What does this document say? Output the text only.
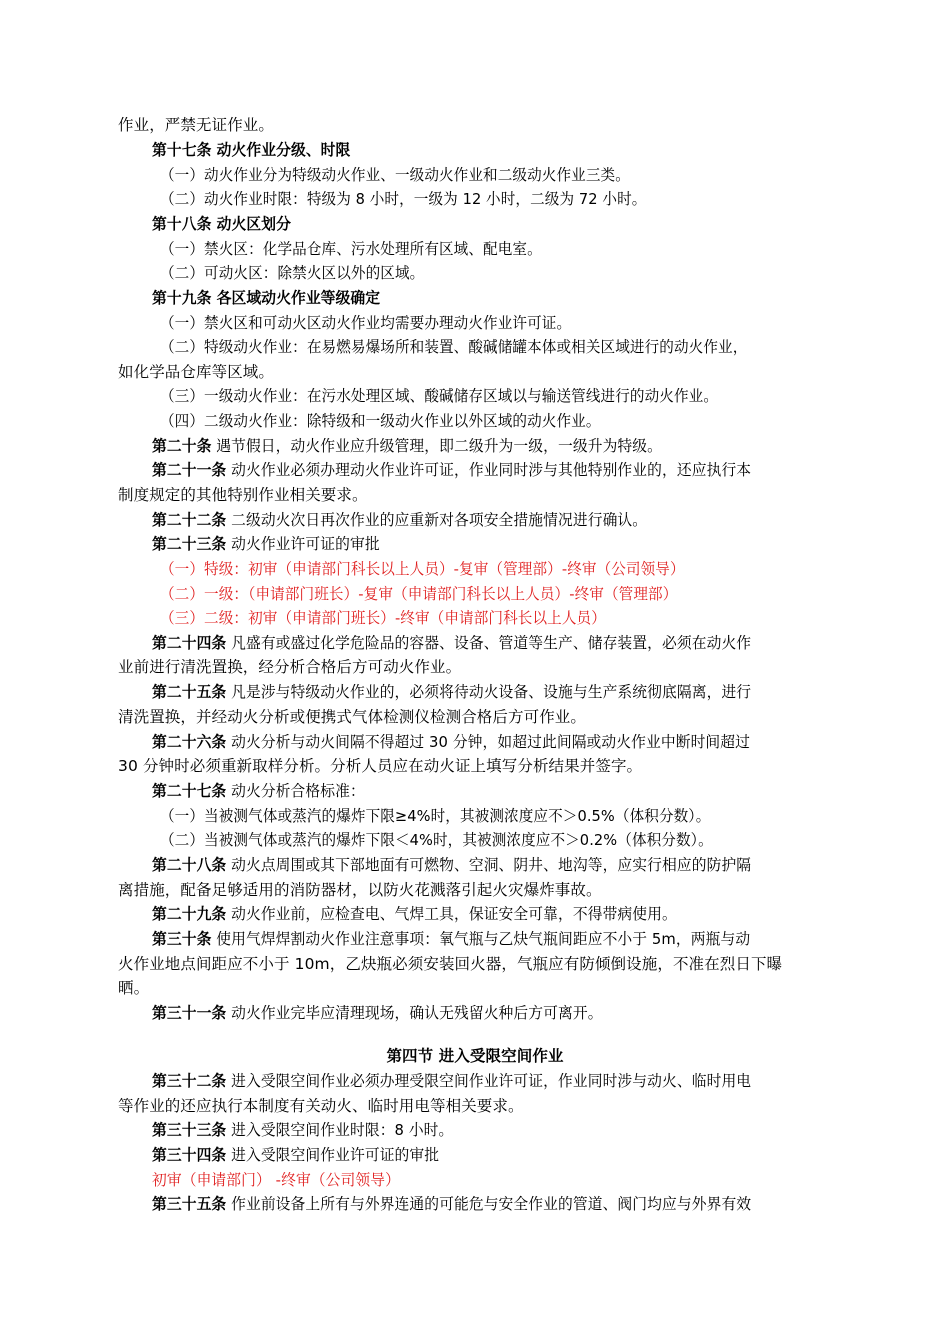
作业，严禁无证作业。
第十七条 动火作业分级、时限
（一）动火作业分为特级动火作业、一级动火作业和二级动火作业三类。
（二）动火作业时限：特级为 8 小时，一级为 12 小时，二级为 72 小时。
第十八条 动火区划分
（一）禁火区：化学品仓库、污水处理所有区域、配电室。
（二）可动火区：除禁火区以外的区域。
第十九条 各区域动火作业等级确定
（一）禁火区和可动火区动火作业均需要办理动火作业许可证。
（二）特级动火作业：在易燃易爆场所和装置、酸碱储罐本体或相关区域进行的动火作业，
如化学品仓库等区域。
（三）一级动火作业：在污水处理区域、酸碱储存区域以与输送管线进行的动火作业。
（四）二级动火作业：除特级和一级动火作业以外区域的动火作业。
第二十条 遇节假日，动火作业应升级管理，即二级升为一级，一级升为特级。
第二十一条 动火作业必须办理动火作业许可证，作业同时涉与其他特别作业的，还应执行本
制度规定的其他特别作业相关要求。
第二十二条 二级动火次日再次作业的应重新对各项安全措施情况进行确认。
第二十三条 动火作业许可证的审批
（一）特级：初审（申请部门科长以上人员）-复审（管理部）-终审（公司领导）
（二）一级：（申请部门班长）-复审（申请部门科长以上人员）-终审（管理部）
（三）二级：初审（申请部门班长）-终审（申请部门科长以上人员）
第二十四条 凡盛有或盛过化学危险品的容器、设备、管道等生产、储存装置，必须在动火作
业前进行清洗置换，经分析合格后方可动火作业。
第二十五条 凡是涉与特级动火作业的，必须将待动火设备、设施与生产系统彻底隔离，进行
清洗置换，并经动火分析或便携式气体检测仪检测合格后方可作业。
第二十六条 动火分析与动火间隔不得超过 30 分钟，如超过此间隔或动火作业中断时间超过
30 分钟时必须重新取样分析。分析人员应在动火证上填写分析结果并签字。
第二十七条 动火分析合格标准：
（一）当被测气体或蒸汽的爆炸下限≥4%时，其被测浓度应不＞0.5%（体积分数）。
（二）当被测气体或蒸汽的爆炸下限＜4%时，其被测浓度应不＞0.2%（体积分数）。
第二十八条 动火点周围或其下部地面有可燃物、空洞、阴井、地沟等，应实行相应的防护隔
离措施，配备足够适用的消防器材，以防火花溅落引起火灾爆炸事故。
第二十九条 动火作业前，应检查电、气焊工具，保证安全可靠，不得带病使用。
第三十条 使用气焊焊割动火作业注意事项：氧气瓶与乙炔气瓶间距应不小于 5m，两瓶与动
火作业地点间距应不小于 10m，乙炔瓶必须安装回火器，气瓶应有防倾倒设施，不准在烈日下曝
晒。
第三十一条 动火作业完毕应清理现场，确认无残留火种后方可离开。
第四节 进入受限空间作业
第三十二条 进入受限空间作业必须办理受限空间作业许可证，作业同时涉与动火、临时用电
等作业的还应执行本制度有关动火、临时用电等相关要求。
第三十三条 进入受限空间作业时限：8 小时。
第三十四条 进入受限空间作业许可证的审批
初审（申请部门） -终审（公司领导）
第三十五条 作业前设备上所有与外界连通的可能危与安全作业的管道、阀门均应与外界有效
